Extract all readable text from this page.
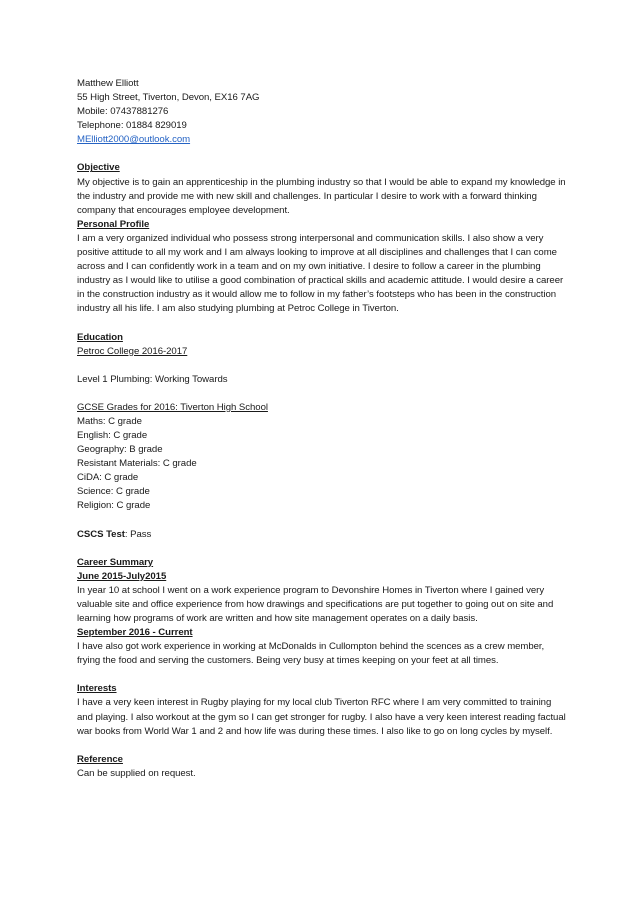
Matthew Elliott
55 High Street, Tiverton, Devon, EX16 7AG
Mobile: 07437881276
Telephone: 01884 829019
MElliott2000@outlook.com
Objective
My objective is to gain an apprenticeship in the plumbing industry so that I would be able to expand my knowledge in the industry and provide me with new skill and challenges. In particular I desire to work with a forward thinking company that encourages employee development.
Personal Profile
I am a very organized individual who possess strong interpersonal and communication skills. I also show a very positive attitude to all my work and I am always looking to improve at all disciplines and challenges that I can come across and I can confidently work in a team and on my own initiative. I desire to follow a career in the plumbing industry as I would like to utilise a good combination of practical skills and academic attitude. I would desire a career in the construction industry as it would allow me to follow in my father’s footsteps who has been in the construction industry all his life. I am also studying plumbing at Petroc College in Tiverton.
Education
Petroc College 2016-2017
Level 1 Plumbing: Working Towards
GCSE Grades for 2016: Tiverton High School
Maths: C grade
English: C grade
Geography: B grade
Resistant Materials: C grade
CiDA: C grade
Science: C grade
Religion: C grade
CSCS Test: Pass
Career Summary
June 2015-July2015
In year 10 at school I went on a work experience program to Devonshire Homes in Tiverton where I gained very valuable site and office experience from how drawings and specifications are put together to going out on site and learning how programs of work are written and how site management operates on a daily basis.
September 2016 - Current
I have also got work experience in working at McDonalds in Cullompton behind the scences as a crew member, frying the food and serving the customers. Being very busy at times keeping on your feet at all times.
Interests
I have a very keen interest in Rugby playing for my local club Tiverton RFC where I am very committed to training and playing. I also workout at the gym so I can get stronger for rugby. I also have a very keen interest reading factual war books from World War 1 and 2 and how life was during these times. I also like to go on long cycles by myself.
Reference
Can be supplied on request.
